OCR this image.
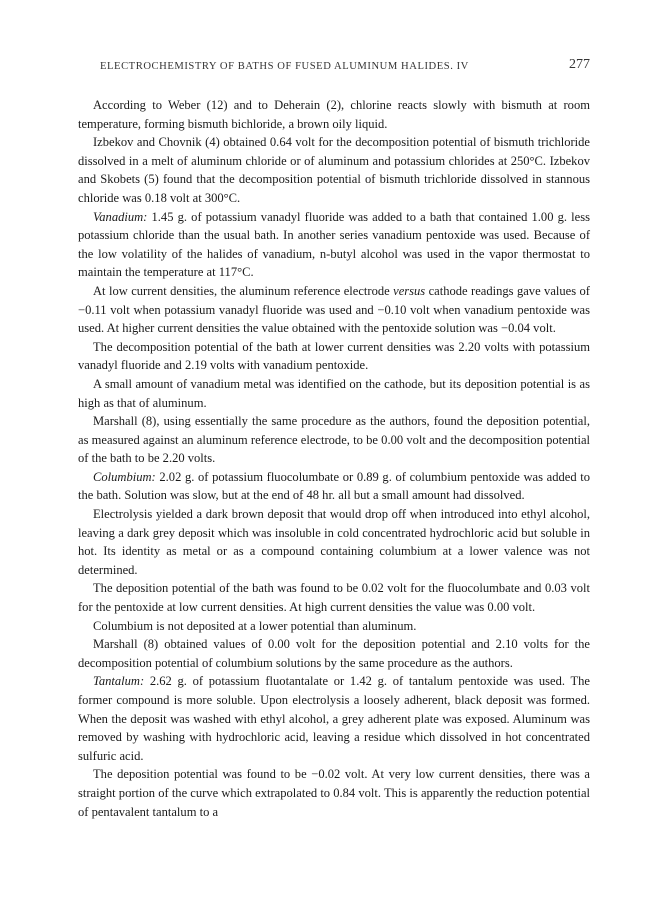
ELECTROCHEMISTRY OF BATHS OF FUSED ALUMINUM HALIDES. IV	277

According to Weber (12) and to Deherain (2), chlorine reacts slowly with bismuth at room temperature, forming bismuth bichloride, a brown oily liquid.

Izbekov and Chovnik (4) obtained 0.64 volt for the decomposition potential of bismuth trichloride dissolved in a melt of aluminum chloride or of aluminum and potassium chlorides at 250°C. Izbekov and Skobets (5) found that the decomposition potential of bismuth trichloride dissolved in stannous chloride was 0.18 volt at 300°C.

Vanadium: 1.45 g. of potassium vanadyl fluoride was added to a bath that contained 1.00 g. less potassium chloride than the usual bath. In another series vanadium pentoxide was used. Because of the low volatility of the halides of vanadium, n-butyl alcohol was used in the vapor thermostat to maintain the temperature at 117°C.

At low current densities, the aluminum reference electrode versus cathode readings gave values of −0.11 volt when potassium vanadyl fluoride was used and −0.10 volt when vanadium pentoxide was used. At higher current densities the value obtained with the pentoxide solution was −0.04 volt.

The decomposition potential of the bath at lower current densities was 2.20 volts with potassium vanadyl fluoride and 2.19 volts with vanadium pentoxide.

A small amount of vanadium metal was identified on the cathode, but its deposition potential is as high as that of aluminum.

Marshall (8), using essentially the same procedure as the authors, found the deposition potential, as measured against an aluminum reference electrode, to be 0.00 volt and the decomposition potential of the bath to be 2.20 volts.

Columbium: 2.02 g. of potassium fluocolumbate or 0.89 g. of columbium pentoxide was added to the bath. Solution was slow, but at the end of 48 hr. all but a small amount had dissolved.

Electrolysis yielded a dark brown deposit that would drop off when introduced into ethyl alcohol, leaving a dark grey deposit which was insoluble in cold concentrated hydrochloric acid but soluble in hot. Its identity as metal or as a compound containing columbium at a lower valence was not determined.

The deposition potential of the bath was found to be 0.02 volt for the fluocolumbate and 0.03 volt for the pentoxide at low current densities. At high current densities the value was 0.00 volt.

Columbium is not deposited at a lower potential than aluminum.

Marshall (8) obtained values of 0.00 volt for the deposition potential and 2.10 volts for the decomposition potential of columbium solutions by the same procedure as the authors.

Tantalum: 2.62 g. of potassium fluotantalate or 1.42 g. of tantalum pentoxide was used. The former compound is more soluble. Upon electrolysis a loosely adherent, black deposit was formed. When the deposit was washed with ethyl alcohol, a grey adherent plate was exposed. Aluminum was removed by washing with hydrochloric acid, leaving a residue which dissolved in hot concentrated sulfuric acid.

The deposition potential was found to be −0.02 volt. At very low current densities, there was a straight portion of the curve which extrapolated to 0.84 volt. This is apparently the reduction potential of pentavalent tantalum to a
